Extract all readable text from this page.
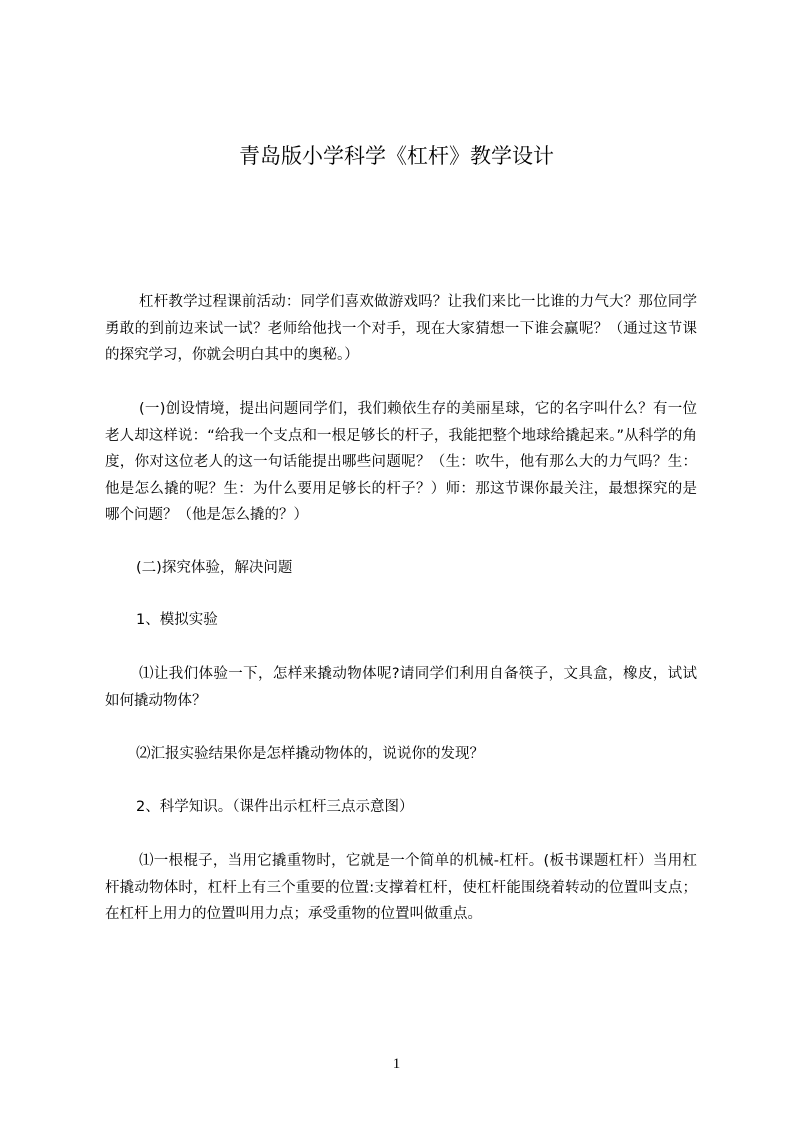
青岛版小学科学《杠杆》教学设计

杠杆教学过程课前活动：同学们喜欢做游戏吗？让我们来比一比谁的力气大？那位同学勇敢的到前边来试一试？老师给他找一个对手，现在大家猜想一下谁会赢呢？（通过这节课的探究学习，你就会明白其中的奥秘。）

(一)创设情境，提出问题同学们，我们赖依生存的美丽星球，它的名字叫什么？有一位老人却这样说：“给我一个支点和一根足够长的杆子，我能把整个地球给撬起来。”从科学的角度，你对这位老人的这一句话能提出哪些问题呢？（生：吹牛，他有那么大的力气吗？生：他是怎么撬的呢？生：为什么要用足够长的杆子？）师：那这节课你最关注，最想探究的是哪个问题？（他是怎么撬的？）

(二)探究体验，解决问题

1、模拟实验

⑴让我们体验一下，怎样来撬动物体呢?请同学们利用自备筷子，文具盒，橡皮，试试如何撬动物体？

⑵汇报实验结果你是怎样撬动物体的，说说你的发现？

2、科学知识。（课件出示杠杆三点示意图）

⑴一根棍子，当用它撬重物时，它就是一个简单的机械-杠杆。(板书课题杠杆）当用杠杆撬动物体时，杠杆上有三个重要的位置:支撑着杠杆，使杠杆能围绕着转动的位置叫支点；在杠杆上用力的位置叫用力点；承受重物的位置叫做重点。

1
